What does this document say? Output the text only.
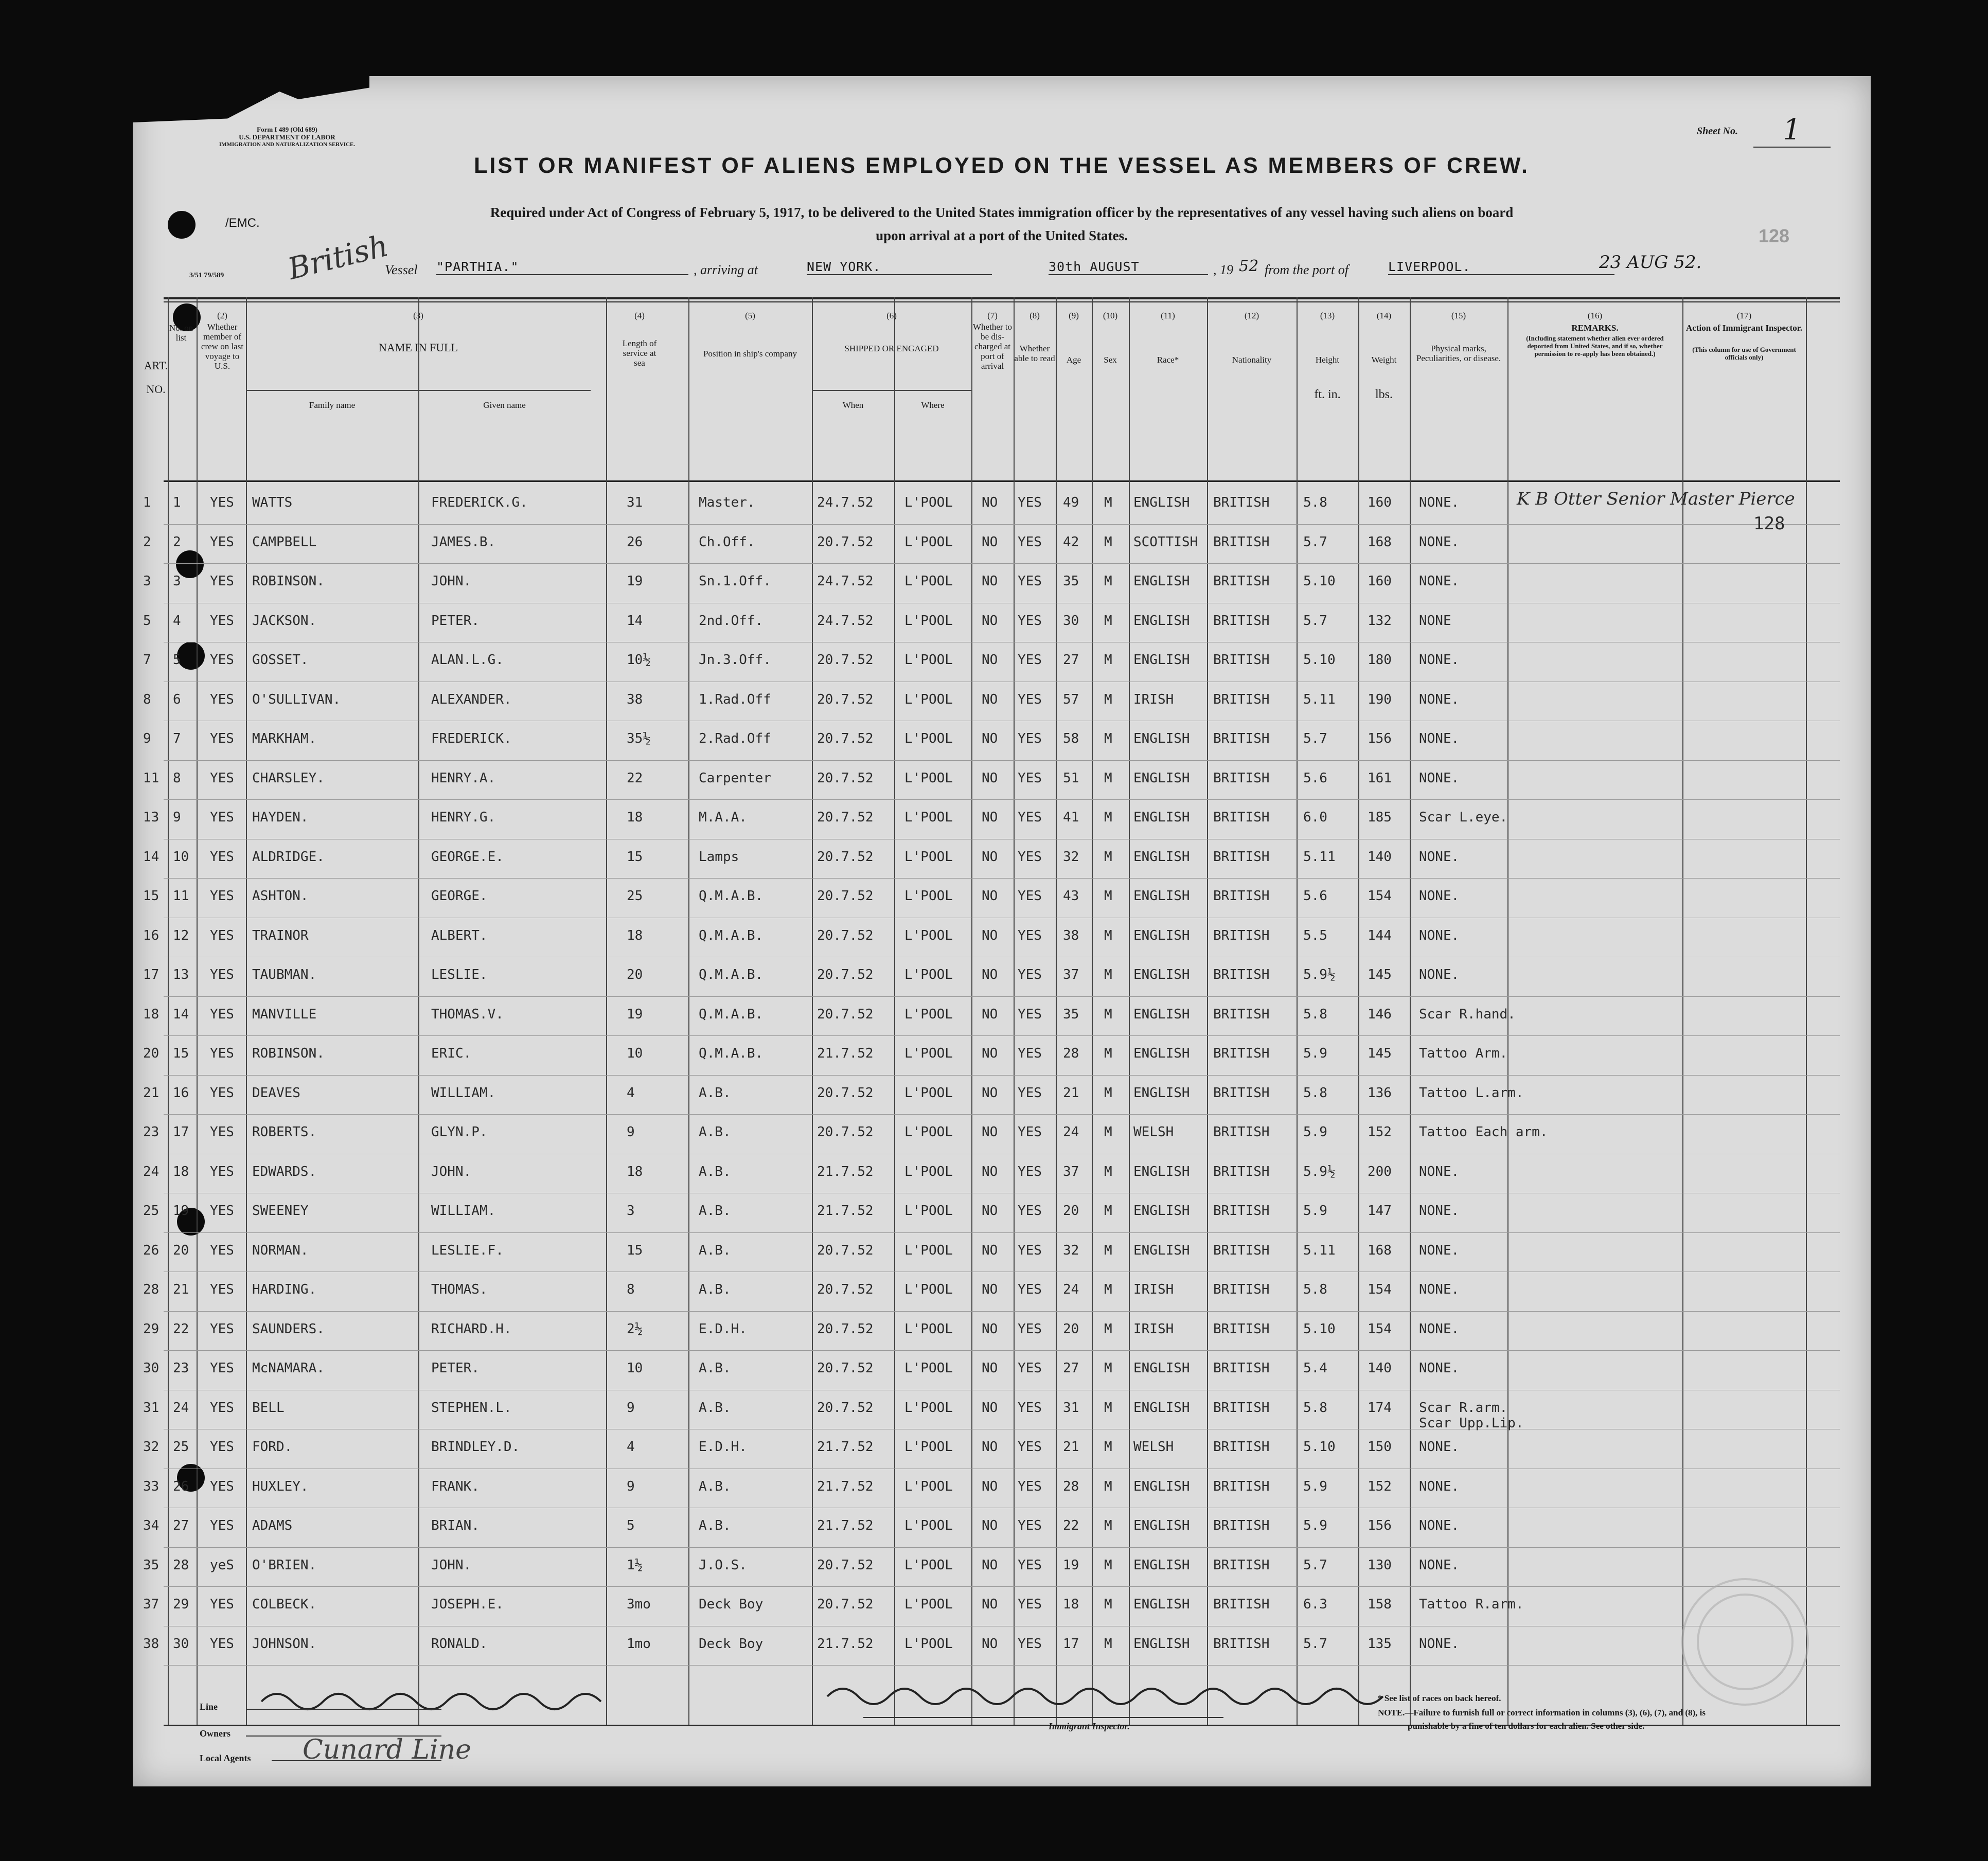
Form I 489 (Old 689)
U.S. DEPARTMENT OF LABOR
IMMIGRATION AND NATURALIZATION SERVICE.
/EMC.
3/51 79/589
Sheet No.	1
128
LIST OR MANIFEST OF ALIENS EMPLOYED ON THE VESSEL AS MEMBERS OF CREW.
Required under Act of Congress of February 5, 1917, to be delivered to the United States immigration officer by the representatives of any vessel having such aliens on board
upon arrival at a port of the United States.
British
Vessel "PARTHIA."	, arriving at	NEW YORK.	30th AUGUST	, 19 52 from the port of	LIVERPOOL.	23 AUG 52.
ART. NO.
No. on list
(2)
Whether member of crew on last voyage to U.S.
(3)
NAME IN FULL
Family name	Given name
(4)
Length of service at sea
(5)
Position in ship's company
(6)
SHIPPED OR ENGAGED
When	Where
(7)
Whether to be dis-charged at port of arrival
(8)
Whether able to read
(9)
Age
(10)
Sex
(11)
Race*
(12)
Nationality
(13)
Height
ft. in.
(14)
Weight
lbs.
(15)
Physical marks, Peculiarities, or disease.
(16)
REMARKS.
(Including statement whether alien ever ordered deported from United States, and if so, whether permission to re-apply has been obtained.)
(17)
Action of Immigrant Inspector.
(This column for use of Government officials only)
1 1 YES WATTS	FREDERICK.G.	31	Master.	24.7.52 L'POOL NO YES 49 M ENGLISH BRITISH	5.8	160 NONE.	K B Otter Senior Master Pierce
128
2 2 YES CAMPBELL	JAMES.B.	26	Ch.Off.	20.7.52 L'POOL NO YES 42 M SCOTTISH BRITISH	5.7	168 NONE.
3 3 YES ROBINSON.	JOHN.	19	Sn.1.Off.	24.7.52 L'POOL NO YES 35 M ENGLISH BRITISH	5.10 160 NONE.
5 4 YES JACKSON.	PETER.	14	2nd.Off.	24.7.52 L'POOL NO YES 30 M ENGLISH BRITISH	5.7	132 NONE
7 5 YES GOSSET.	ALAN.L.G.	10½	Jn.3.Off.	20.7.52 L'POOL NO YES 27 M ENGLISH BRITISH	5.10 180 NONE.
8 6 YES O'SULLIVAN.	ALEXANDER.	38	1.Rad.Off	20.7.52 L'POOL NO YES 57 M IRISH	BRITISH	5.11 190 NONE.
9 7 YES MARKHAM.	FREDERICK.	35½	2.Rad.Off	20.7.52 L'POOL NO YES 58 M ENGLISH BRITISH	5.7	156 NONE.
11 8 YES CHARSLEY.	HENRY.A.	22	Carpenter	20.7.52 L'POOL NO YES 51 M ENGLISH BRITISH	5.6	161 NONE.
13 9 YES HAYDEN.	HENRY.G.	18	M.A.A.	20.7.52 L'POOL NO YES 41 M ENGLISH BRITISH	6.0	185 Scar L.eye.
14 10 YES ALDRIDGE.	GEORGE.E.	15	Lamps	20.7.52 L'POOL NO YES 32 M ENGLISH BRITISH	5.11 140 NONE.
15 11 YES ASHTON.	GEORGE.	25	Q.M.A.B.	20.7.52 L'POOL NO YES 43 M ENGLISH BRITISH	5.6	154 NONE.
16 12 YES TRAINOR	ALBERT.	18	Q.M.A.B.	20.7.52 L'POOL NO YES 38 M ENGLISH BRITISH	5.5	144 NONE.
17 13 YES TAUBMAN.	LESLIE.	20	Q.M.A.B.	20.7.52 L'POOL NO YES 37 M ENGLISH BRITISH	5.9½ 145 NONE.
18 14 YES MANVILLE	THOMAS.V.	19	Q.M.A.B.	20.7.52 L'POOL NO YES 35 M ENGLISH BRITISH	5.8	146 Scar R.hand.
20 15 YES ROBINSON.	ERIC.	10	Q.M.A.B.	21.7.52 L'POOL NO YES 28 M ENGLISH BRITISH	5.9	145 Tattoo Arm.
21 16 YES DEAVES	WILLIAM.	4	A.B.	20.7.52 L'POOL NO YES 21 M ENGLISH BRITISH	5.8	136 Tattoo L.arm.
23 17 YES ROBERTS.	GLYN.P.	9	A.B.	20.7.52 L'POOL NO YES 24 M WELSH	BRITISH	5.9	152 Tattoo Each arm.
24 18 YES EDWARDS.	JOHN.	18	A.B.	21.7.52 L'POOL NO YES 37 M ENGLISH BRITISH	5.9½ 200 NONE.
25 19 YES SWEENEY	WILLIAM.	3	A.B.	21.7.52 L'POOL NO YES 20 M ENGLISH BRITISH	5.9	147 NONE.
26 20 YES NORMAN.	LESLIE.F.	15	A.B.	20.7.52 L'POOL NO YES 32 M ENGLISH BRITISH	5.11 168 NONE.
28 21 YES HARDING.	THOMAS.	8	A.B.	20.7.52 L'POOL NO YES 24 M IRISH	BRITISH	5.8	154 NONE.
29 22 YES SAUNDERS.	RICHARD.H.	2½	E.D.H.	20.7.52 L'POOL NO YES 20 M IRISH	BRITISH	5.10 154 NONE.
30 23 YES McNAMARA.	PETER.	10	A.B.	20.7.52 L'POOL NO YES 27 M ENGLISH BRITISH	5.4	140 NONE.
31 24 YES BELL	STEPHEN.L.	9	A.B.	20.7.52 L'POOL NO YES 31 M ENGLISH BRITISH	5.8	174 Scar R.arm.
Scar Upp.Lip.
32 25 YES FORD.	BRINDLEY.D.	4	E.D.H.	21.7.52 L'POOL NO YES 21 M WELSH	BRITISH	5.10 150 NONE.
33 26 YES HUXLEY.	FRANK.	9	A.B.	21.7.52 L'POOL NO YES 28 M ENGLISH BRITISH	5.9	152 NONE.
34 27 YES ADAMS	BRIAN.	5	A.B.	21.7.52 L'POOL NO YES 22 M ENGLISH BRITISH	5.9	156 NONE.
35 28 yeS O'BRIEN.	JOHN.	1½	J.O.S.	20.7.52 L'POOL NO YES 19 M ENGLISH BRITISH	5.7	130 NONE.
37 29 YES COLBECK.	JOSEPH.E.	3mo	Deck Boy	20.7.52 L'POOL NO YES 18 M ENGLISH BRITISH	6.3	158 Tattoo R.arm.
38 30 YES JOHNSON.	RONALD.	1mo	Deck Boy	21.7.52 L'POOL NO YES 17 M ENGLISH BRITISH	5.7	135 NONE.
Line
Owners
Local Agents Cunard Line
Immigrant Inspector.
* See list of races on back hereof.
NOTE.—Failure to furnish full or correct information in columns (3), (6), (7), and (8), is
punishable by a fine of ten dollars for each alien. See other side.
